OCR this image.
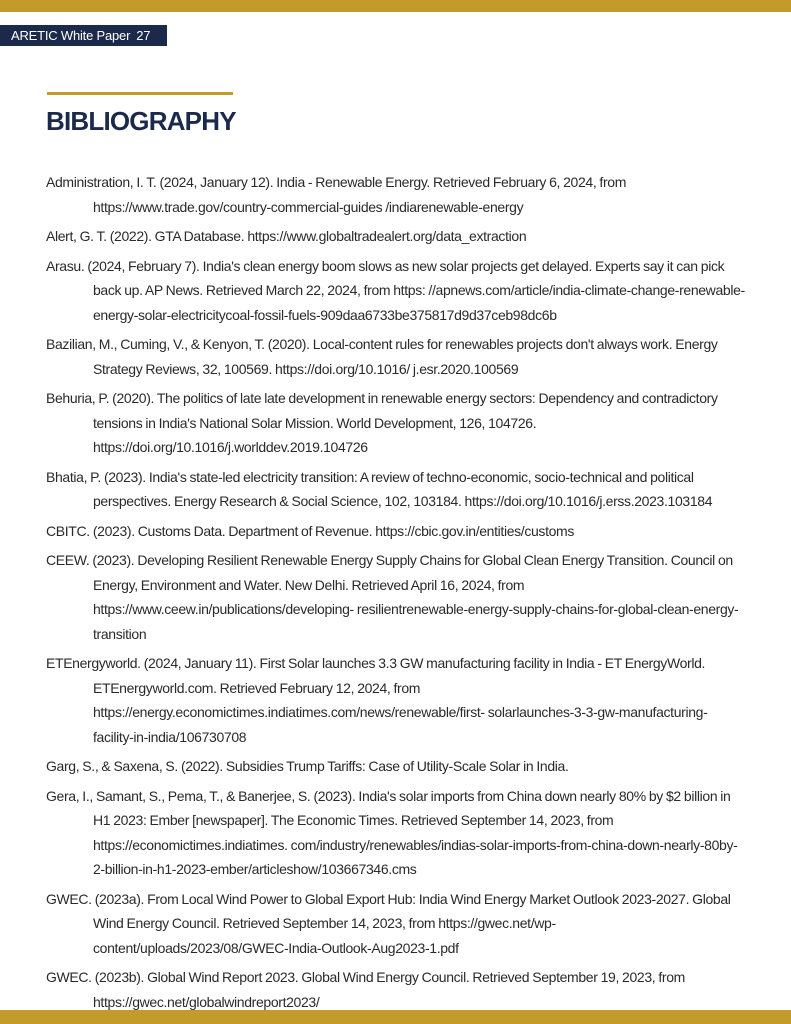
ARETIC White Paper 27
BIBLIOGRAPHY
Administration, I. T. (2024, January 12). India - Renewable Energy. Retrieved February 6, 2024, from https://www.trade.gov/country-commercial-guides /indiarenewable-energy
Alert, G. T. (2022). GTA Database. https://www.globaltradealert.org/data_extraction
Arasu. (2024, February 7). India's clean energy boom slows as new solar projects get delayed. Experts say it can pick back up. AP News. Retrieved March 22, 2024, from https: //apnews.com/article/india-climate-change-renewable-energy-solar-electricitycoal-fossil-fuels-909daa6733be375817d9d37ceb98dc6b
Bazilian, M., Cuming, V., & Kenyon, T. (2020). Local-content rules for renewables projects don't always work. Energy Strategy Reviews, 32, 100569. https://doi.org/10.1016/ j.esr.2020.100569
Behuria, P. (2020). The politics of late late development in renewable energy sectors: Dependency and contradictory tensions in India's National Solar Mission. World Development, 126, 104726. https://doi.org/10.1016/j.worlddev.2019.104726
Bhatia, P. (2023). India's state-led electricity transition: A review of techno-economic, socio-technical and political perspectives. Energy Research & Social Science, 102, 103184. https://doi.org/10.1016/j.erss.2023.103184
CBITC. (2023). Customs Data. Department of Revenue. https://cbic.gov.in/entities/customs
CEEW. (2023). Developing Resilient Renewable Energy Supply Chains for Global Clean Energy Transition. Council on Energy, Environment and Water. New Delhi. Retrieved April 16, 2024, from https://www.ceew.in/publications/developing- resilientrenewable-energy-supply-chains-for-global-clean-energy-transition
ETEnergyworld. (2024, January 11). First Solar launches 3.3 GW manufacturing facility in India - ET EnergyWorld. ETEnergyworld.com. Retrieved February 12, 2024, from https://energy.economictimes.indiatimes.com/news/renewable/first- solarlaunches-3-3-gw-manufacturing-facility-in-india/106730708
Garg, S., & Saxena, S. (2022). Subsidies Trump Tariffs: Case of Utility-Scale Solar in India.
Gera, I., Samant, S., Pema, T., & Banerjee, S. (2023). India's solar imports from China down nearly 80% by $2 billion in H1 2023: Ember [newspaper]. The Economic Times. Retrieved September 14, 2023, from https://economictimes.indiatimes. com/industry/renewables/indias-solar-imports-from-china-down-nearly-80by-2-billion-in-h1-2023-ember/articleshow/103667346.cms
GWEC. (2023a). From Local Wind Power to Global Export Hub: India Wind Energy Market Outlook 2023-2027. Global Wind Energy Council. Retrieved September 14, 2023, from https://gwec.net/wp-content/uploads/2023/08/GWEC-India-Outlook-Aug2023-1.pdf
GWEC. (2023b). Global Wind Report 2023. Global Wind Energy Council. Retrieved September 19, 2023, from https://gwec.net/globalwindreport2023/
